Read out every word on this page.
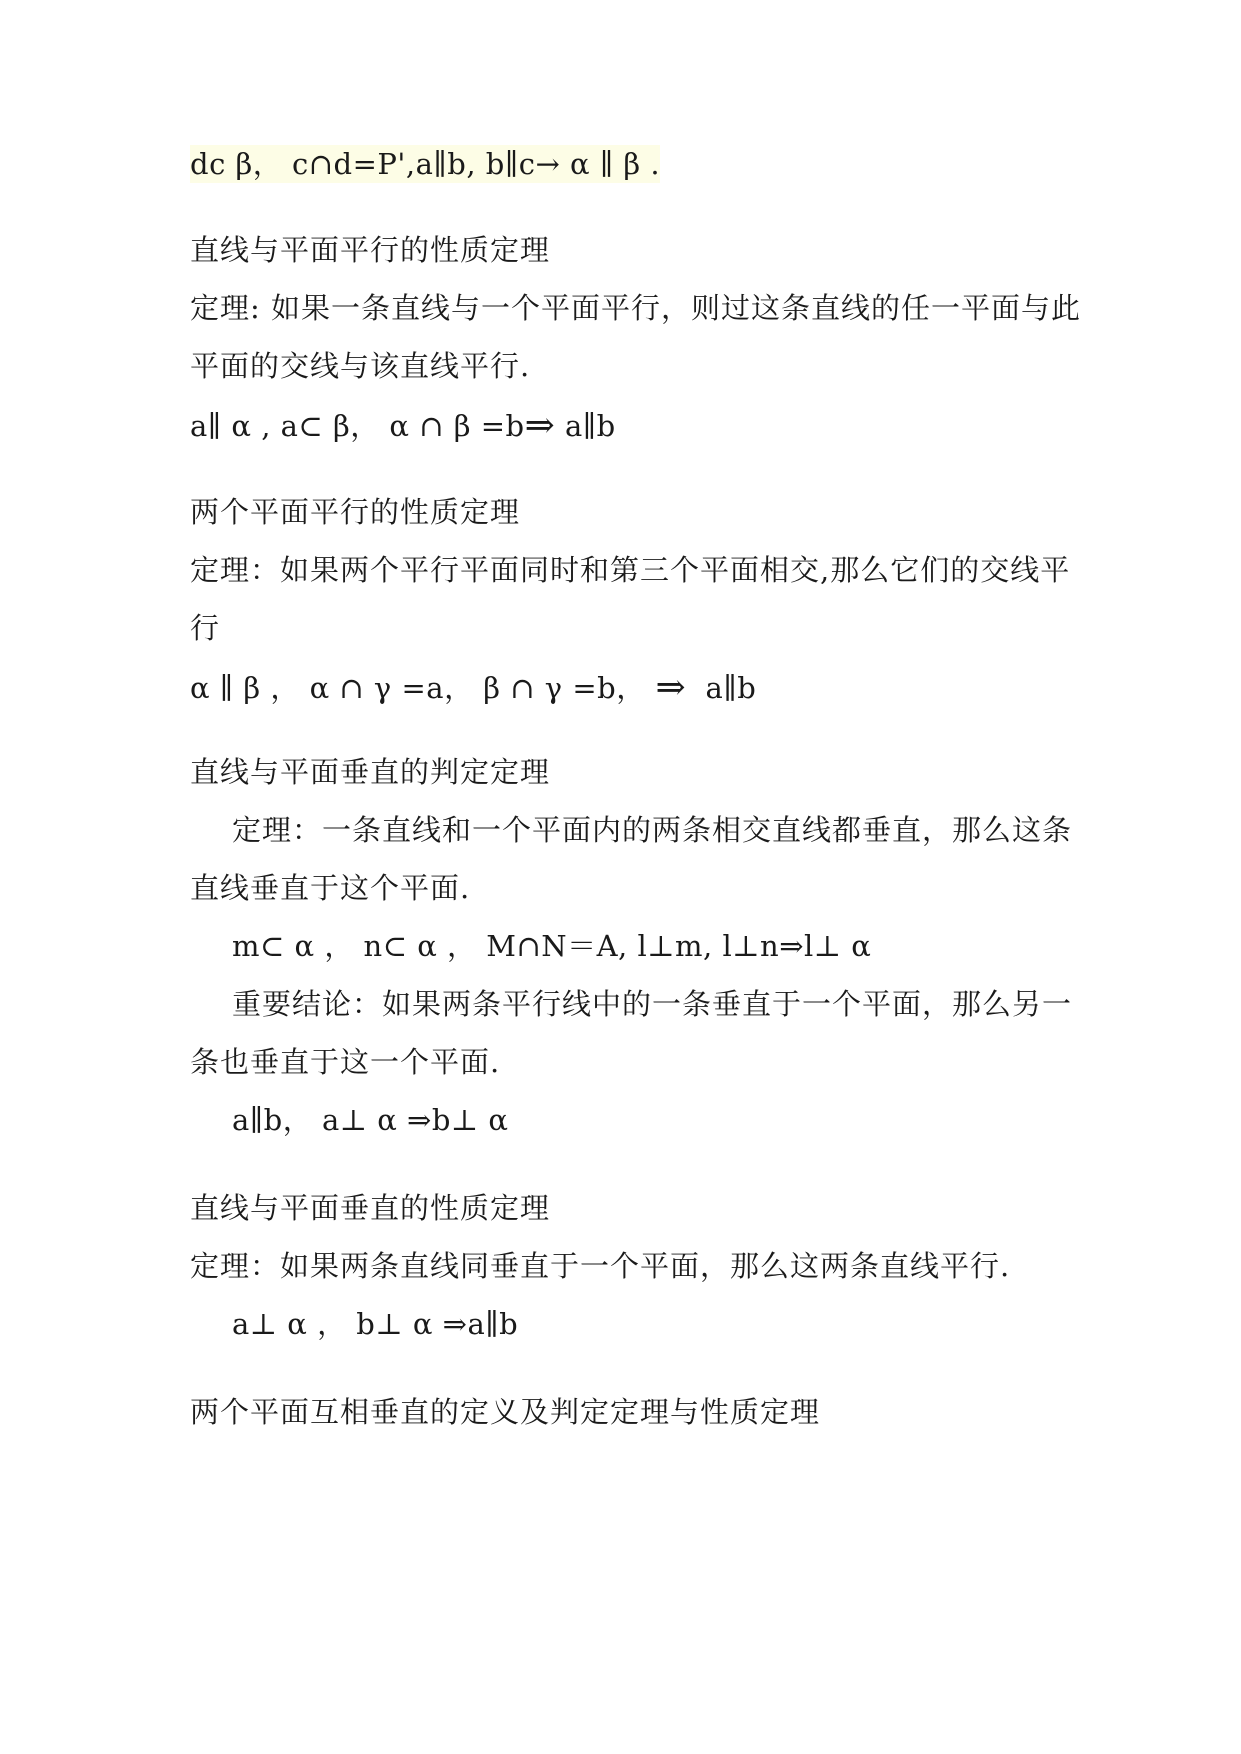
dc β， c∩d=P',a∥b, b∥c→ α ∥ β .

直线与平面平行的性质定理

定理: 如果一条直线与一个平面平行，则过这条直线的任一平面与此

平面的交线与该直线平行.

a∥ α , a⊂ β， α ∩ β =b⇒ a∥b

两个平面平行的性质定理

定理：如果两个平行平面同时和第三个平面相交,那么它们的交线平

行

α ∥ β ， α ∩ γ =a， β ∩ γ =b， ⇒ a∥b

直线与平面垂直的判定定理

定理：一条直线和一个平面内的两条相交直线都垂直，那么这条

直线垂直于这个平面.

m⊂ α ， n⊂ α ， M∩N＝A, l⊥m, l⊥n⇒l⊥ α

重要结论：如果两条平行线中的一条垂直于一个平面，那么另一

条也垂直于这一个平面.

a∥b， a⊥ α ⇒b⊥ α

直线与平面垂直的性质定理

定理：如果两条直线同垂直于一个平面，那么这两条直线平行.

a⊥ α ， b⊥ α ⇒a∥b

两个平面互相垂直的定义及判定定理与性质定理
